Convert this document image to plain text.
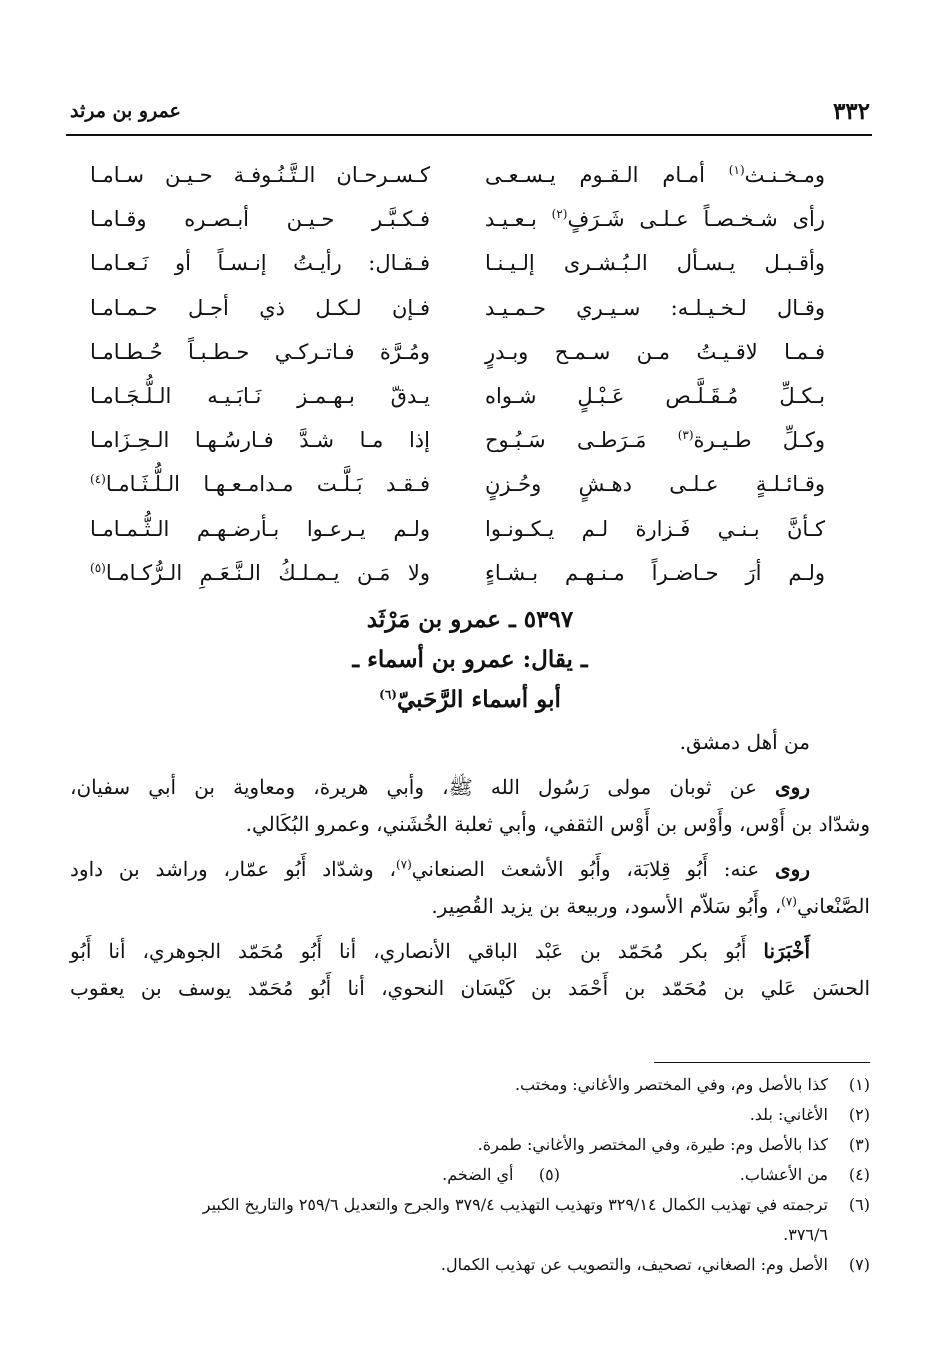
٣٣٢
عمرو بن مرثد
ومـخـنـث$^{(١)}$ أمـام الـقـوم يـسـعـى
كـسـرحـان الـتَّـنُـوفـة حـيـن سـامـا
رأى شـخـصـاً عـلـى شَـرَفٍ$^{(٢)}$ بـعـيـد
فـكـبَّـر حـيـن أبـصـره وقـامـا
وأقـبـل يـسـأل الـبُـشـرى إلـيـنـا
فـقـال: رأيـتُ إنـسـاً أو نَـعـامـا
وقـال لـخـيـلـه: سـيـري حـمـيـد
فـإن لـكـل ذي أجـل حـمـامـا
فـمـا لاقـيـتُ مـن سـمـح وبـدرٍ
ومُـرَّة فـاتـركـي حـطـبـاً حُـطـامـا
بـكـلِّ مُـقَـلَّـص عَـبْـلٍ شـواه
يـدقّ بـهـمـز نَـابَـيـه الـلُّـجَـامـا
وكـلِّ طـيـرة$^{(٣)}$ مَـرَطـى سَـبُـوح
إذا مـا شـدَّ فـارسُـهـا الـحِـزَامـا
وقـائـلـةٍ عـلـى دهـشٍ وحُـزنٍ
فـقـد بَـلَّـت مـدامـعـهـا الـلُّـثَـامـا$^{(٤)}$
كـأنَّ بـنـي فَـزارة لـم يـكـونـوا
ولـم يـرعـوا بـأرضـهـم الـثُّـمـامـا
ولـم أرَ حـاضـراً مـنـهـم بـشـاءٍ
ولا مَـن يـمـلـكُ الـنَّـعَـمِ الـرُّكـامـا$^{(٥)}$
٥٣٩٧ ـ عمرو بن مَرْثَد
ـ يقال: عمرو بن أسماء ـ
أبو أسماء الرَّحَبيّ$^{(٦)}$
من أهل دمشق.
روى عن ثوبان مولى رَسُول الله ﷺ، وأبي هريرة، ومعاوية بن أبي سفيان،
وشدّاد بن أَوْس، وأَوْس بن أَوْس الثقفي، وأبي ثعلبة الخُشَني، وعمرو البُكَالي.
روى عنه: أَبُو قِلابَة، وأَبُو الأشعث الصنعاني$^{(٧)}$، وشدّاد أَبُو عمّار، وراشد بن داود
الصَّنْعاني$^{(٧)}$، وأَبُو سَلاّم الأسود، وربيعة بن يزيد القُصِير.
أَخْبَرَنا أَبُو بكر مُحَمّد بن عَبْد الباقي الأنصاري، أنا أَبُو مُحَمّد الجوهري، أنا أَبُو
الحسَن عَلي بن مُحَمّد بن أَحْمَد بن كَيْسَان النحوي، أنا أَبُو مُحَمّد يوسف بن يعقوب
(١)
كذا بالأصل وم، وفي المختصر والأغاني: ومختب.
(٢)
الأغاني: بلد.
(٣)
كذا بالأصل وم: طيرة، وفي المختصر والأغاني: طمرة.
(٤)
من الأعشاب.
(٥)     أي الضخم.
(٦)
ترجمته في تهذيب الكمال ٣٢٩/١٤ وتهذيب التهذيب ٣٧٩/٤ والجرح والتعديل ٢٥٩/٦ والتاريخ الكبير
٣٧٦/٦.
(٧)
الأصل وم: الصغاني، تصحيف، والتصويب عن تهذيب الكمال.
